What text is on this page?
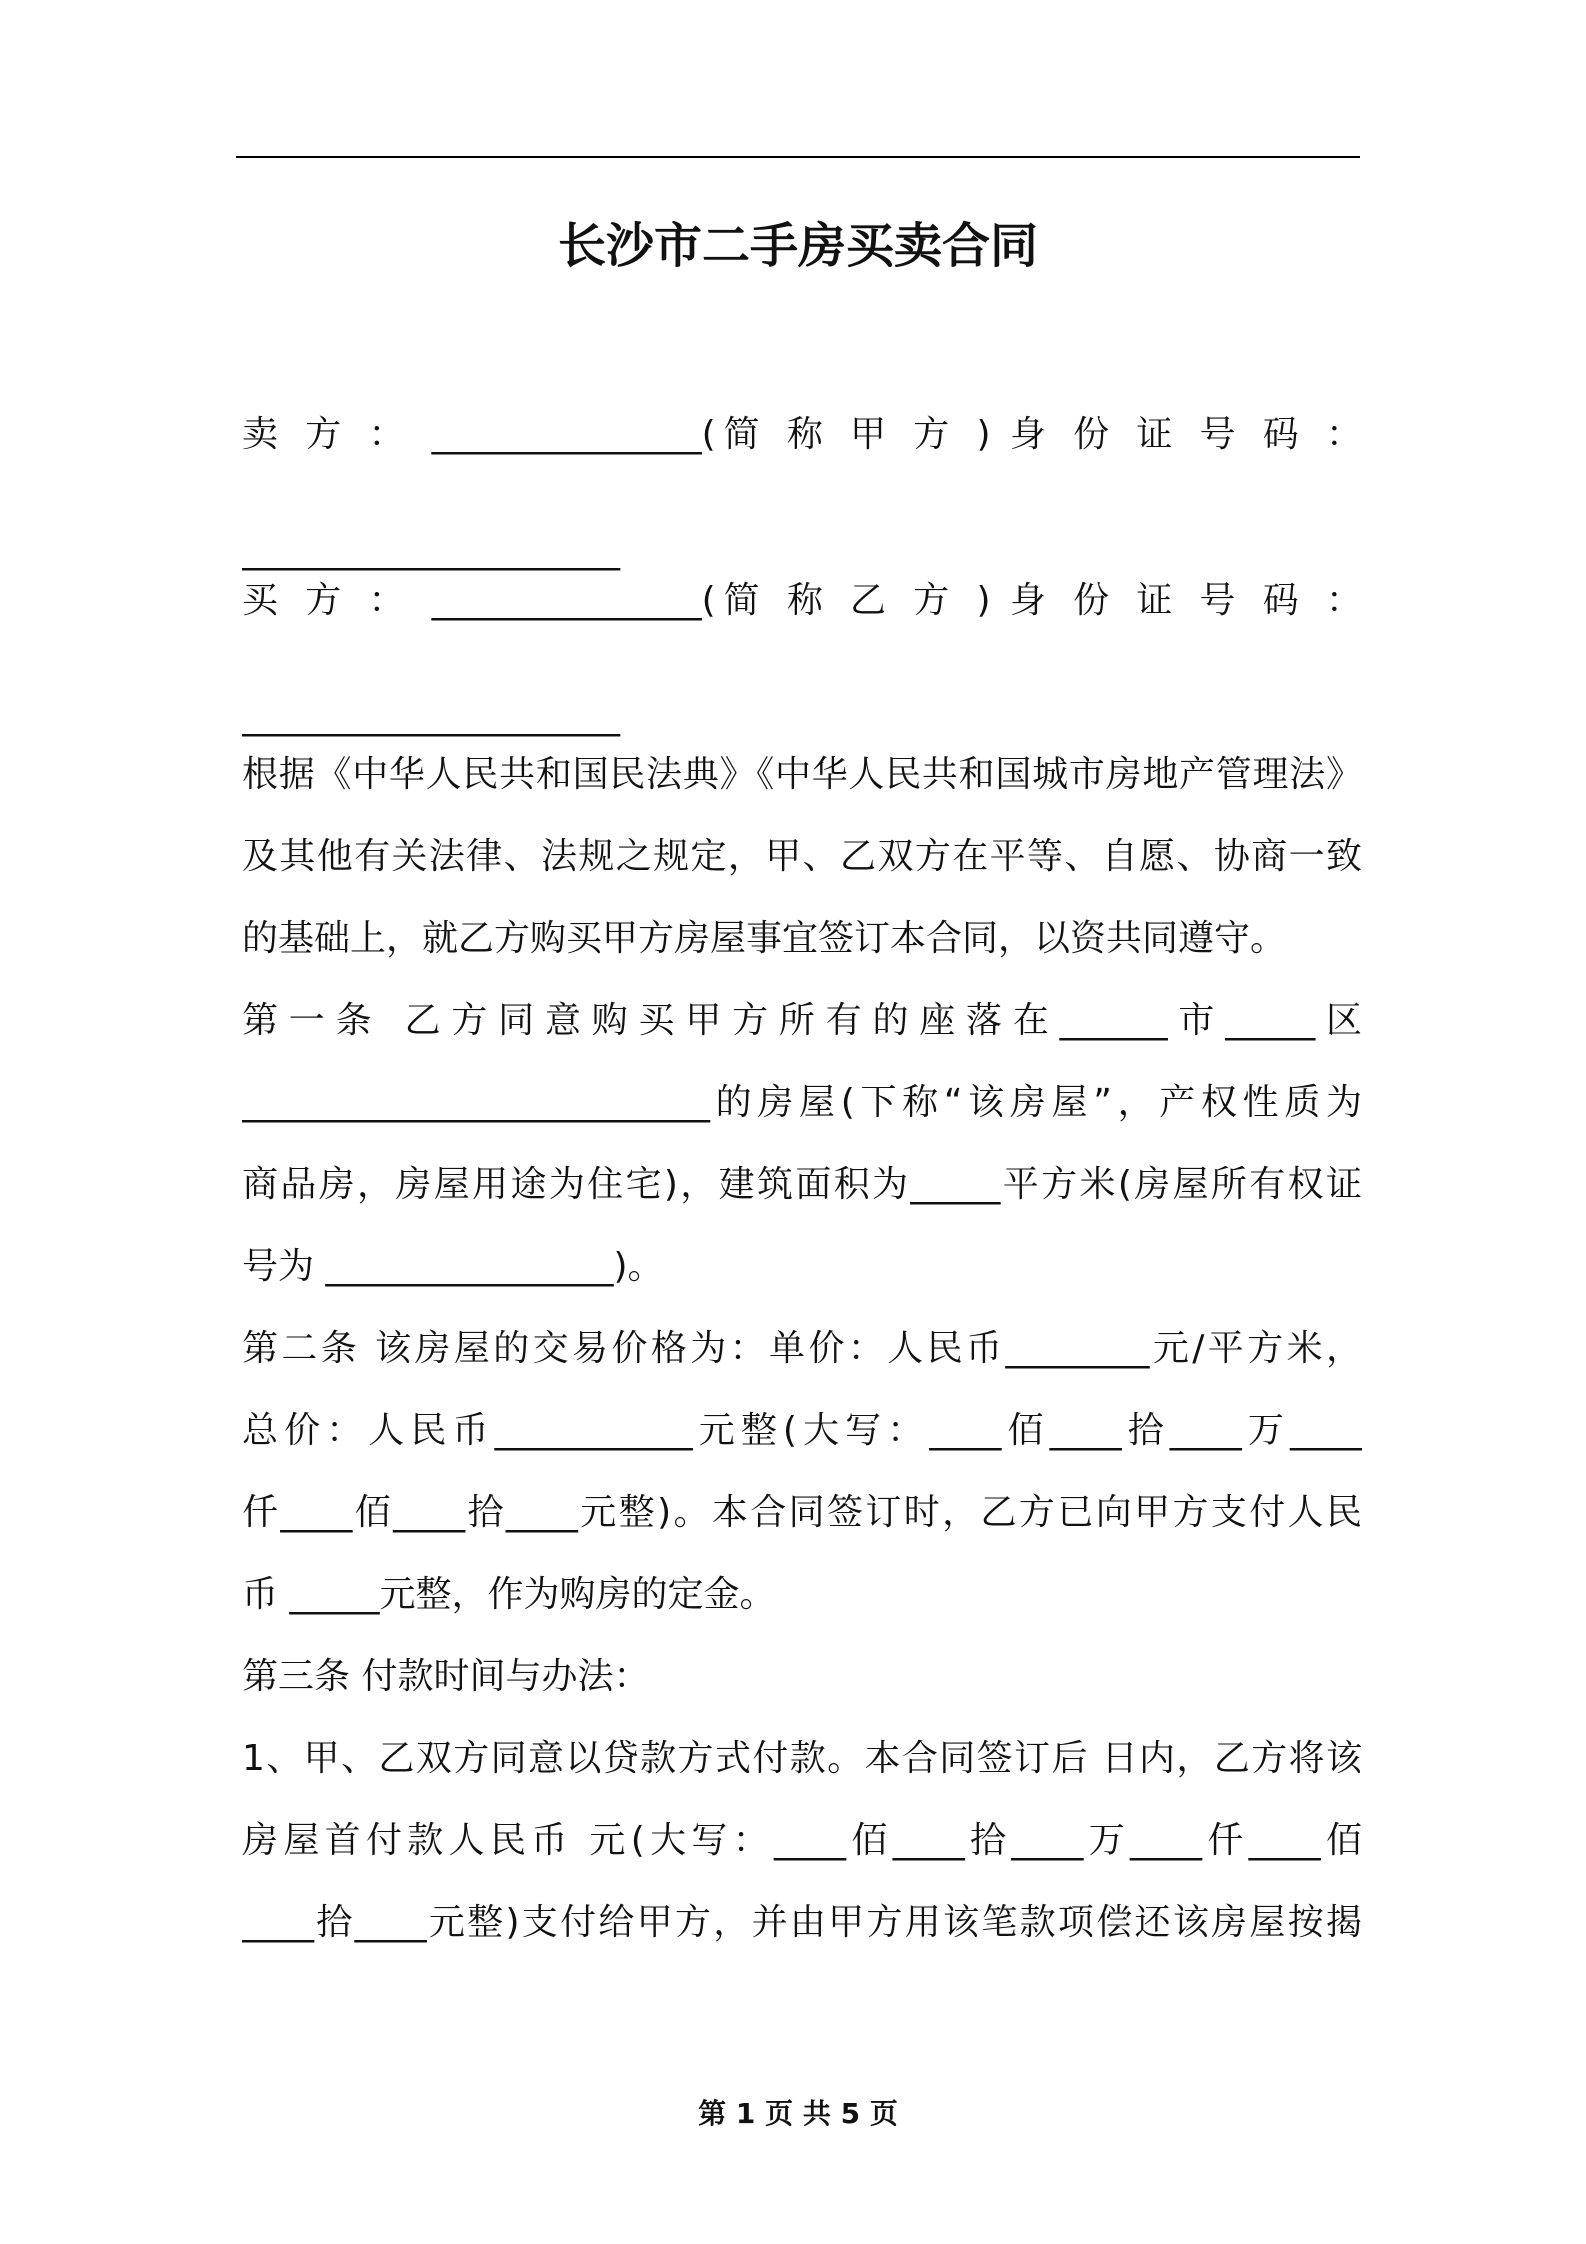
长沙市二手房买卖合同
卖 方 ： _______________(简 称 甲 方 ) 身 份 证 号 码 ：
_____________________
买 方 ： _______________(简 称 乙 方 ) 身 份 证 号 码 ：
_____________________
根据《中华人民共和国民法典》《中华人民共和国城市房地产管理法》
及其他有关法律、法规之规定，甲、乙双方在平等、自愿、协商一致
的基础上，就乙方购买甲方房屋事宜签订本合同，以资共同遵守。
第一条 乙方同意购买甲方所有的座落在______市_____区
__________________________的房屋(下称“该房屋”，产权性质为
商品房，房屋用途为住宅)，建筑面积为_____平方米(房屋所有权证
号为 ________________)。
第二条 该房屋的交易价格为：单价：人民币________元/平方米，
总价：人民币___________元整(大写：____佰____拾____万____
仟____佰____拾____元整)。本合同签订时，乙方已向甲方支付人民
币 _____元整，作为购房的定金。
第三条 付款时间与办法：
1、甲、乙双方同意以贷款方式付款。本合同签订后 日内，乙方将该
房屋首付款人民币 元(大写：____佰____拾____万____仟____佰
____拾____元整)支付给甲方，并由甲方用该笔款项偿还该房屋按揭
第 1 页 共 5 页
